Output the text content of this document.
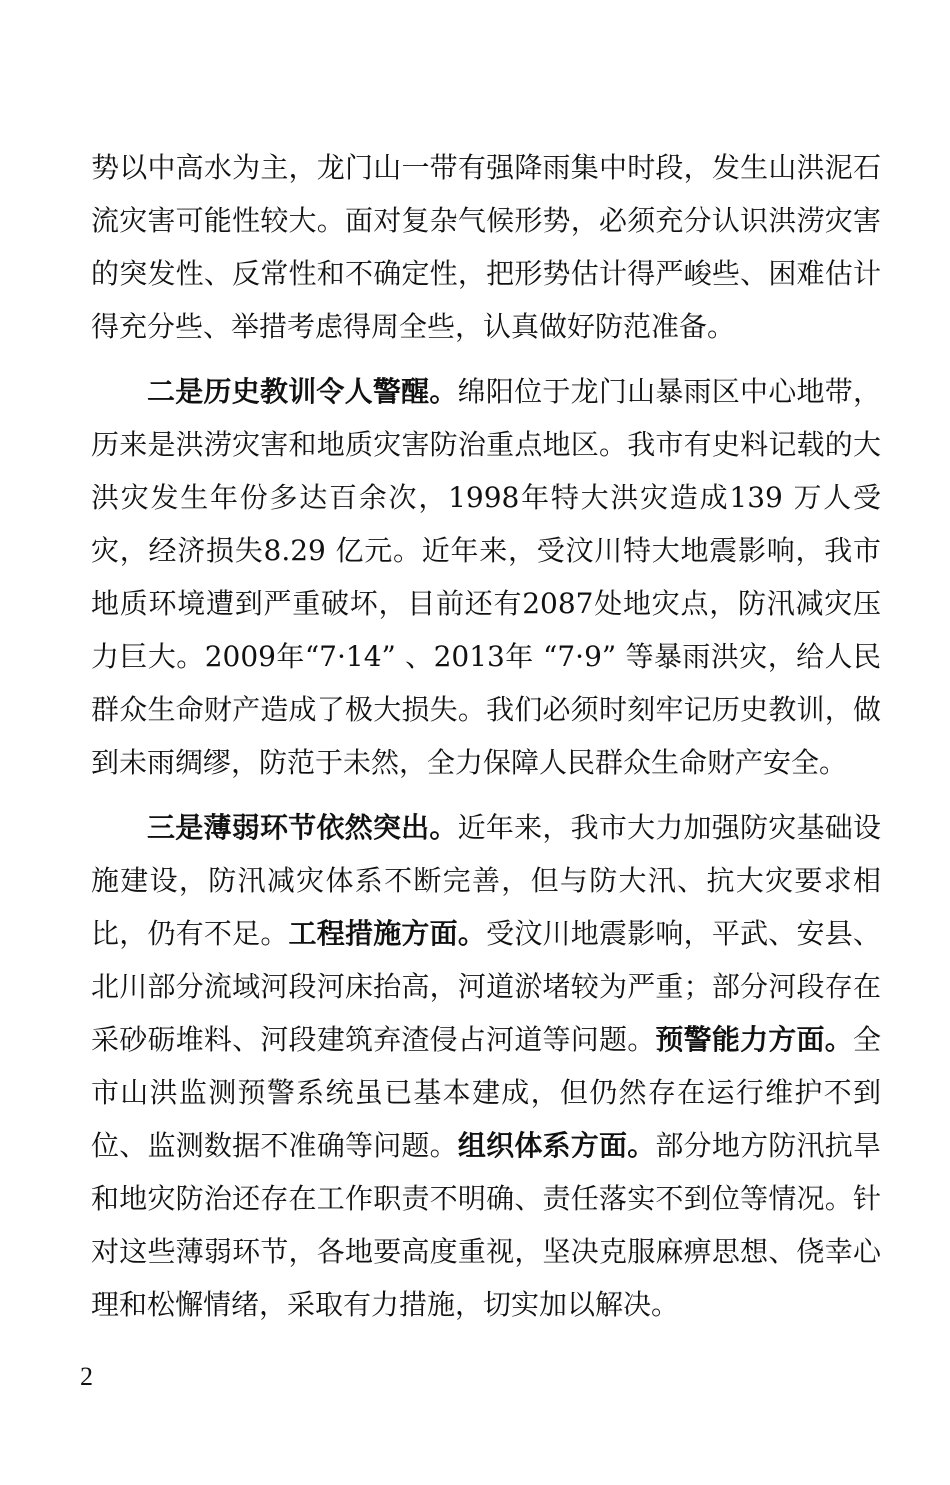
势以中高水为主，龙门山一带有强降雨集中时段，发生山洪泥石流灾害可能性较大。面对复杂气候形势，必须充分认识洪涝灾害的突发性、反常性和不确定性，把形势估计得严峻些、困难估计得充分些、举措考虑得周全些，认真做好防范准备。

二是历史教训令人警醒。绵阳位于龙门山暴雨区中心地带，历来是洪涝灾害和地质灾害防治重点地区。我市有史料记载的大洪灾发生年份多达百余次，1998年特大洪灾造成139 万人受灾，经济损失8.29 亿元。近年来，受汶川特大地震影响，我市地质环境遭到严重破坏，目前还有2087处地灾点，防汛减灾压力巨大。2009年“7·14” 、2013年 “7·9” 等暴雨洪灾，给人民群众生命财产造成了极大损失。我们必须时刻牢记历史教训，做到未雨绸缪，防范于未然，全力保障人民群众生命财产安全。

三是薄弱环节依然突出。近年来，我市大力加强防灾基础设施建设，防汛减灾体系不断完善，但与防大汛、抗大灾要求相比，仍有不足。工程措施方面。受汶川地震影响，平武、安县、北川部分流域河段河床抬高，河道淤堵较为严重；部分河段存在采砂砺堆料、河段建筑弃渣侵占河道等问题。预警能力方面。全市山洪监测预警系统虽已基本建成，但仍然存在运行维护不到位、监测数据不准确等问题。组织体系方面。部分地方防汛抗旱和地灾防治还存在工作职责不明确、责任落实不到位等情况。针对这些薄弱环节，各地要高度重视，坚决克服麻痹思想、侥幸心理和松懈情绪，采取有力措施，切实加以解决。

2
